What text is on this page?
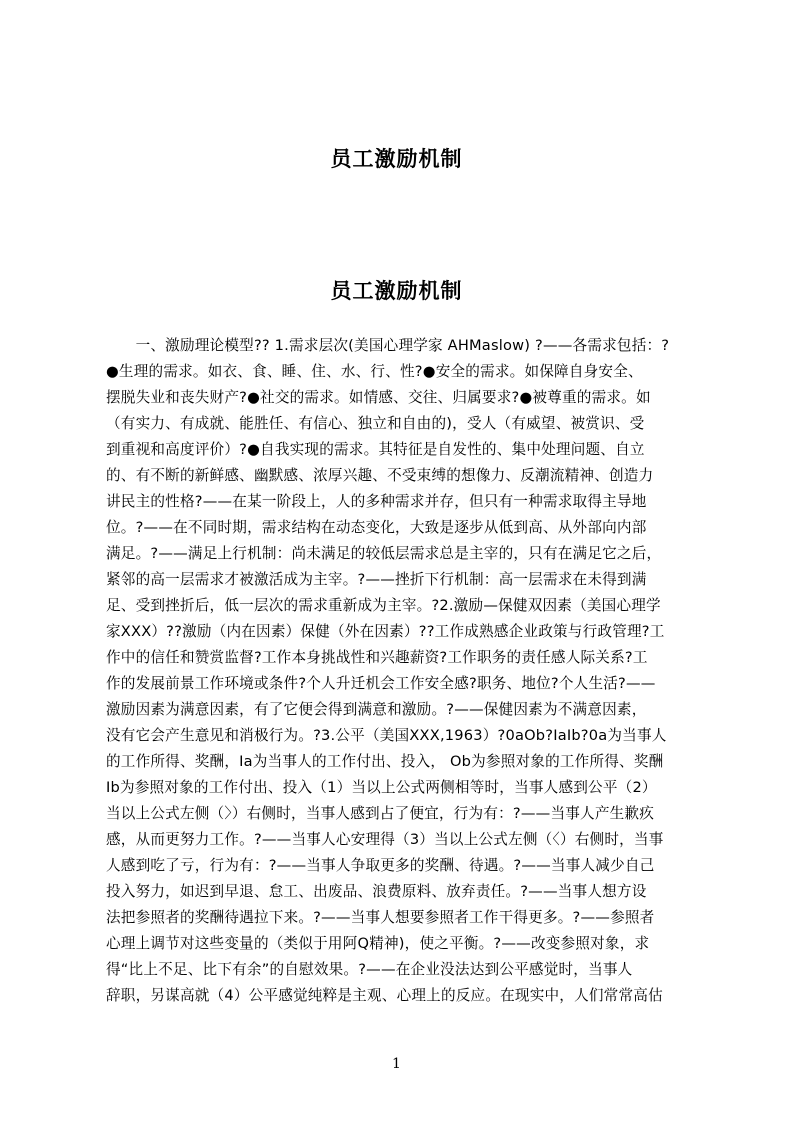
员工激励机制
员工激励机制
　　一、激励理论模型?? 1.需求层次(美国心理学家 AHMaslow) ?——各需求包括：?
●生理的需求。如衣、食、睡、住、水、行、性?●安全的需求。如保障自身安全、
摆脱失业和丧失财产?●社交的需求。如情感、交往、归属要求?●被尊重的需求。如
（有实力、有成就、能胜任、有信心、独立和自由的)，受人（有威望、被赏识、受
到重视和高度评价）?●自我实现的需求。其特征是自发性的、集中处理问题、自立
的、有不断的新鲜感、幽默感、浓厚兴趣、不受束缚的想像力、反潮流精神、创造力
讲民主的性格?——在某一阶段上，人的多种需求并存，但只有一种需求取得主导地
位。?——在不同时期，需求结构在动态变化，大致是逐步从低到高、从外部向内部
满足。?——满足上行机制：尚未满足的较低层需求总是主宰的，只有在满足它之后，
紧邻的高一层需求才被激活成为主宰。?——挫折下行机制：高一层需求在未得到满
足、受到挫折后，低一层次的需求重新成为主宰。?2.激励—保健双因素（美国心理学
家XXX）??激励（内在因素）保健（外在因素）??工作成熟感企业政策与行政管理?工
作中的信任和赞赏监督?工作本身挑战性和兴趣薪资?工作职务的责任感人际关系?工
作的发展前景工作环境或条件?个人升迁机会工作安全感?职务、地位?个人生活?——
激励因素为满意因素，有了它便会得到满意和激励。?——保健因素为不满意因素，
没有它会产生意见和消极行为。?3.公平（美国XXX,1963）?0aOb?IaIb?0a为当事人
的工作所得、奖酬，Ia为当事人的工作付出、投入， Ob为参照对象的工作所得、奖酬
Ib为参照对象的工作付出、投入（1）当以上公式两侧相等时，当事人感到公平（2）
当以上公式左侧（〉）右侧时，当事人感到占了便宜，行为有：?——当事人产生歉疚
感，从而更努力工作。?——当事人心安理得（3）当以上公式左侧（〈）右侧时，当事
人感到吃了亏，行为有：?——当事人争取更多的奖酬、待遇。?——当事人减少自己
投入努力，如迟到早退、怠工、出废品、浪费原料、放弃责任。?——当事人想方设
法把参照者的奖酬待遇拉下来。?——当事人想要参照者工作干得更多。?——参照者
心理上调节对这些变量的（类似于用阿Q精神)，使之平衡。?——改变参照对象，求
得“比上不足、比下有余”的自慰效果。?——在企业没法达到公平感觉时，当事人
辞职，另谋高就（4）公平感觉纯粹是主观、心理上的反应。在现实中，人们常常高估
1
